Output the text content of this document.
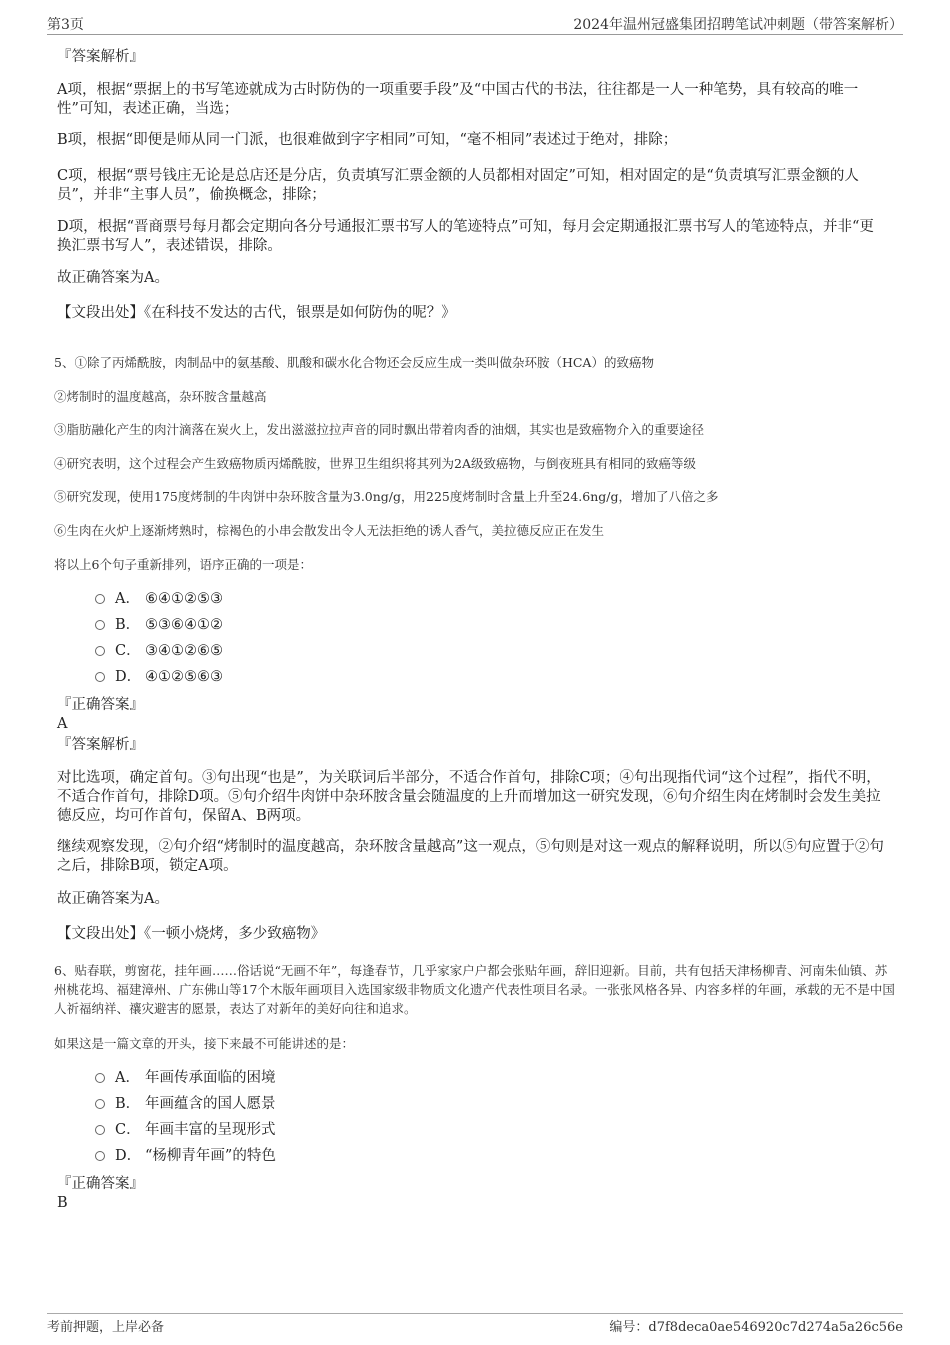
第3页	2024年温州冠盛集团招聘笔试冲刺题（带答案解析）
『答案解析』
A项，根据“票据上的书写笔迹就成为古时防伪的一项重要手段”及“中国古代的书法，往往都是一人一种笔势，具有较高的唯一性”可知，表述正确，当选；
B项，根据“即便是师从同一门派，也很难做到字字相同”可知，“毫不相同”表述过于绝对，排除；
C项，根据“票号钱庄无论是总店还是分店，负责填写汇票金额的人员都相对固定”可知，相对固定的是“负责填写汇票金额的人员”，并非“主事人员”，偷换概念，排除；
D项，根据“晋商票号每月都会定期向各分号通报汇票书写人的笔迹特点”可知，每月会定期通报汇票书写人的笔迹特点，并非“更换汇票书写人”，表述错误，排除。
故正确答案为A。
【文段出处】《在科技不发达的古代，银票是如何防伪的呢？》
5、①除了丙烯酰胺，肉制品中的氨基酸、肌酸和碳水化合物还会反应生成一类叫做杂环胺（HCA）的致癌物
②烤制时的温度越高，杂环胺含量越高
③脂肪融化产生的肉汁滴落在炭火上，发出滋滋拉拉声音的同时飘出带着肉香的油烟，其实也是致癌物介入的重要途径
④研究表明，这个过程会产生致癌物质丙烯酰胺，世界卫生组织将其列为2A级致癌物，与倒夜班具有相同的致癌等级
⑤研究发现，使用175度烤制的牛肉饼中杂环胺含量为3.0ng/g，用225度烤制时含量上升至24.6ng/g，增加了八倍之多
⑥生肉在火炉上逐渐烤熟时，棕褐色的小串会散发出令人无法拒绝的诱人香气，美拉德反应正在发生
将以上6个句子重新排列，语序正确的一项是：
A． ⑥④①②⑤③
B． ⑤③⑥④①②
C． ③④①②⑥⑤
D． ④①②⑤⑥③
『正确答案』
A
『答案解析』
对比选项，确定首句。③句出现“也是”，为关联词后半部分，不适合作首句，排除C项；④句出现指代词“这个过程”，指代不明，不适合作首句，排除D项。⑤句介绍牛肉饼中杂环胺含量会随温度的上升而增加这一研究发现，⑥句介绍生肉在烤制时会发生美拉德反应，均可作首句，保留A、B两项。
继续观察发现，②句介绍“烤制时的温度越高，杂环胺含量越高”这一观点，⑤句则是对这一观点的解释说明，所以⑤句应置于②句之后，排除B项，锁定A项。
故正确答案为A。
【文段出处】《一顿小烧烤，多少致癌物》
6、贴春联，剪窗花，挂年画……俗话说“无画不年”，每逢春节，几乎家家户户都会张贴年画，辞旧迎新。目前，共有包括天津杨柳青、河南朱仙镇、苏州桃花坞、福建漳州、广东佛山等17个木版年画项目入选国家级非物质文化遗产代表性项目名录。一张张风格各异、内容多样的年画，承载的无不是中国人祈福纳祥、禳灾避害的愿景，表达了对新年的美好向往和追求。
如果这是一篇文章的开头，接下来最不可能讲述的是：
A． 年画传承面临的困境
B． 年画蕴含的国人愿景
C． 年画丰富的呈现形式
D． “杨柳青年画”的特色
『正确答案』
B
考前押题，上岸必备	编号：d7f8deca0ae546920c7d274a5a26c56e
